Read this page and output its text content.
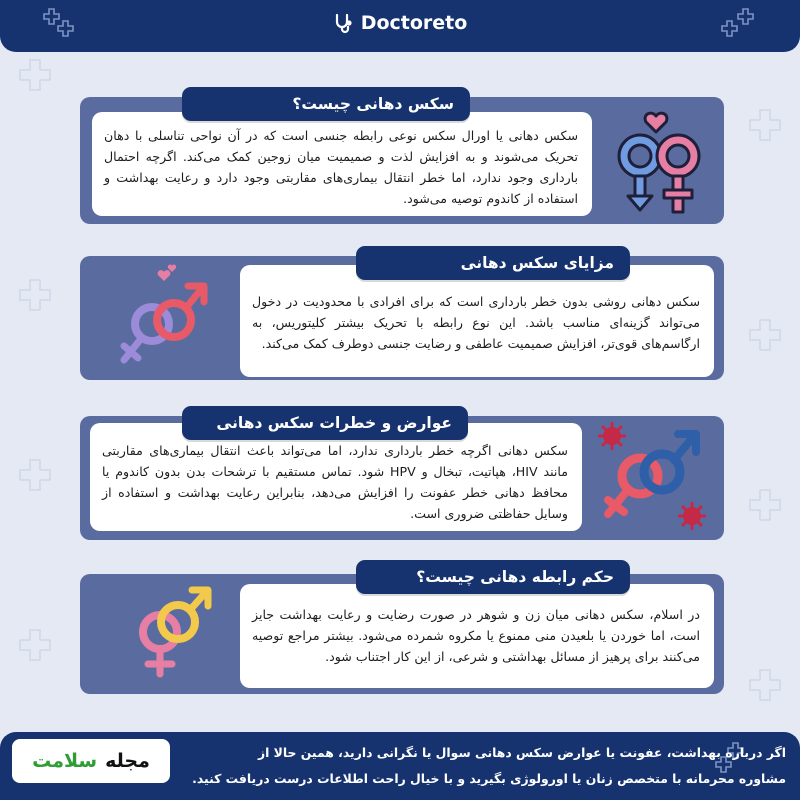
Doctoreto
سکس دهانی یا اورال سکس نوعی رابطه جنسی است که در آن نواحی تناسلی با دهان تحریک می‌شوند و به افزایش لذت و صمیمیت میان زوجین کمک می‌کند. اگرچه احتمال بارداری وجود ندارد، اما خطر انتقال بیماری‌های مقاربتی وجود دارد و رعایت بهداشت و استفاده از کاندوم توصیه می‌شود.
سکس دهانی چیست؟
سکس دهانی روشی بدون خطر بارداری است که برای افرادی با محدودیت در دخول می‌تواند گزینه‌ای مناسب باشد. این نوع رابطه با تحریک بیشتر کلیتوریس، به ارگاسم‌های قوی‌تر، افزایش صمیمیت عاطفی و رضایت جنسی دوطرف کمک می‌کند.
مزایای سکس دهانی
سکس دهانی اگرچه خطر بارداری ندارد، اما می‌تواند باعث انتقال بیماری‌های مقاربتی مانند HIV، هپاتیت، تبخال و HPV شود. تماس مستقیم با ترشحات بدن بدون کاندوم یا محافظ دهانی خطر عفونت را افزایش می‌دهد، بنابراین رعایت بهداشت و استفاده از وسایل حفاظتی ضروری است.
عوارض و خطرات سکس دهانی
در اسلام، سکس دهانی میان زن و شوهر در صورت رضایت و رعایت بهداشت جایز است، اما خوردن یا بلعیدن منی ممنوع یا مکروه شمرده می‌شود. بیشتر مراجع توصیه می‌کنند برای پرهیز از مسائل بهداشتی و شرعی، از این کار اجتناب شود.
حکم رابطه دهانی چیست؟
اگر درباره بهداشت، عفونت یا عوارض سکس دهانی سوال یا نگرانی دارید، همین حالا از
مشاوره محرمانه با متخصص زنان یا اورولوژی بگیرید و با خیال راحت اطلاعات درست دریافت کنید.
مجله
سلامت
